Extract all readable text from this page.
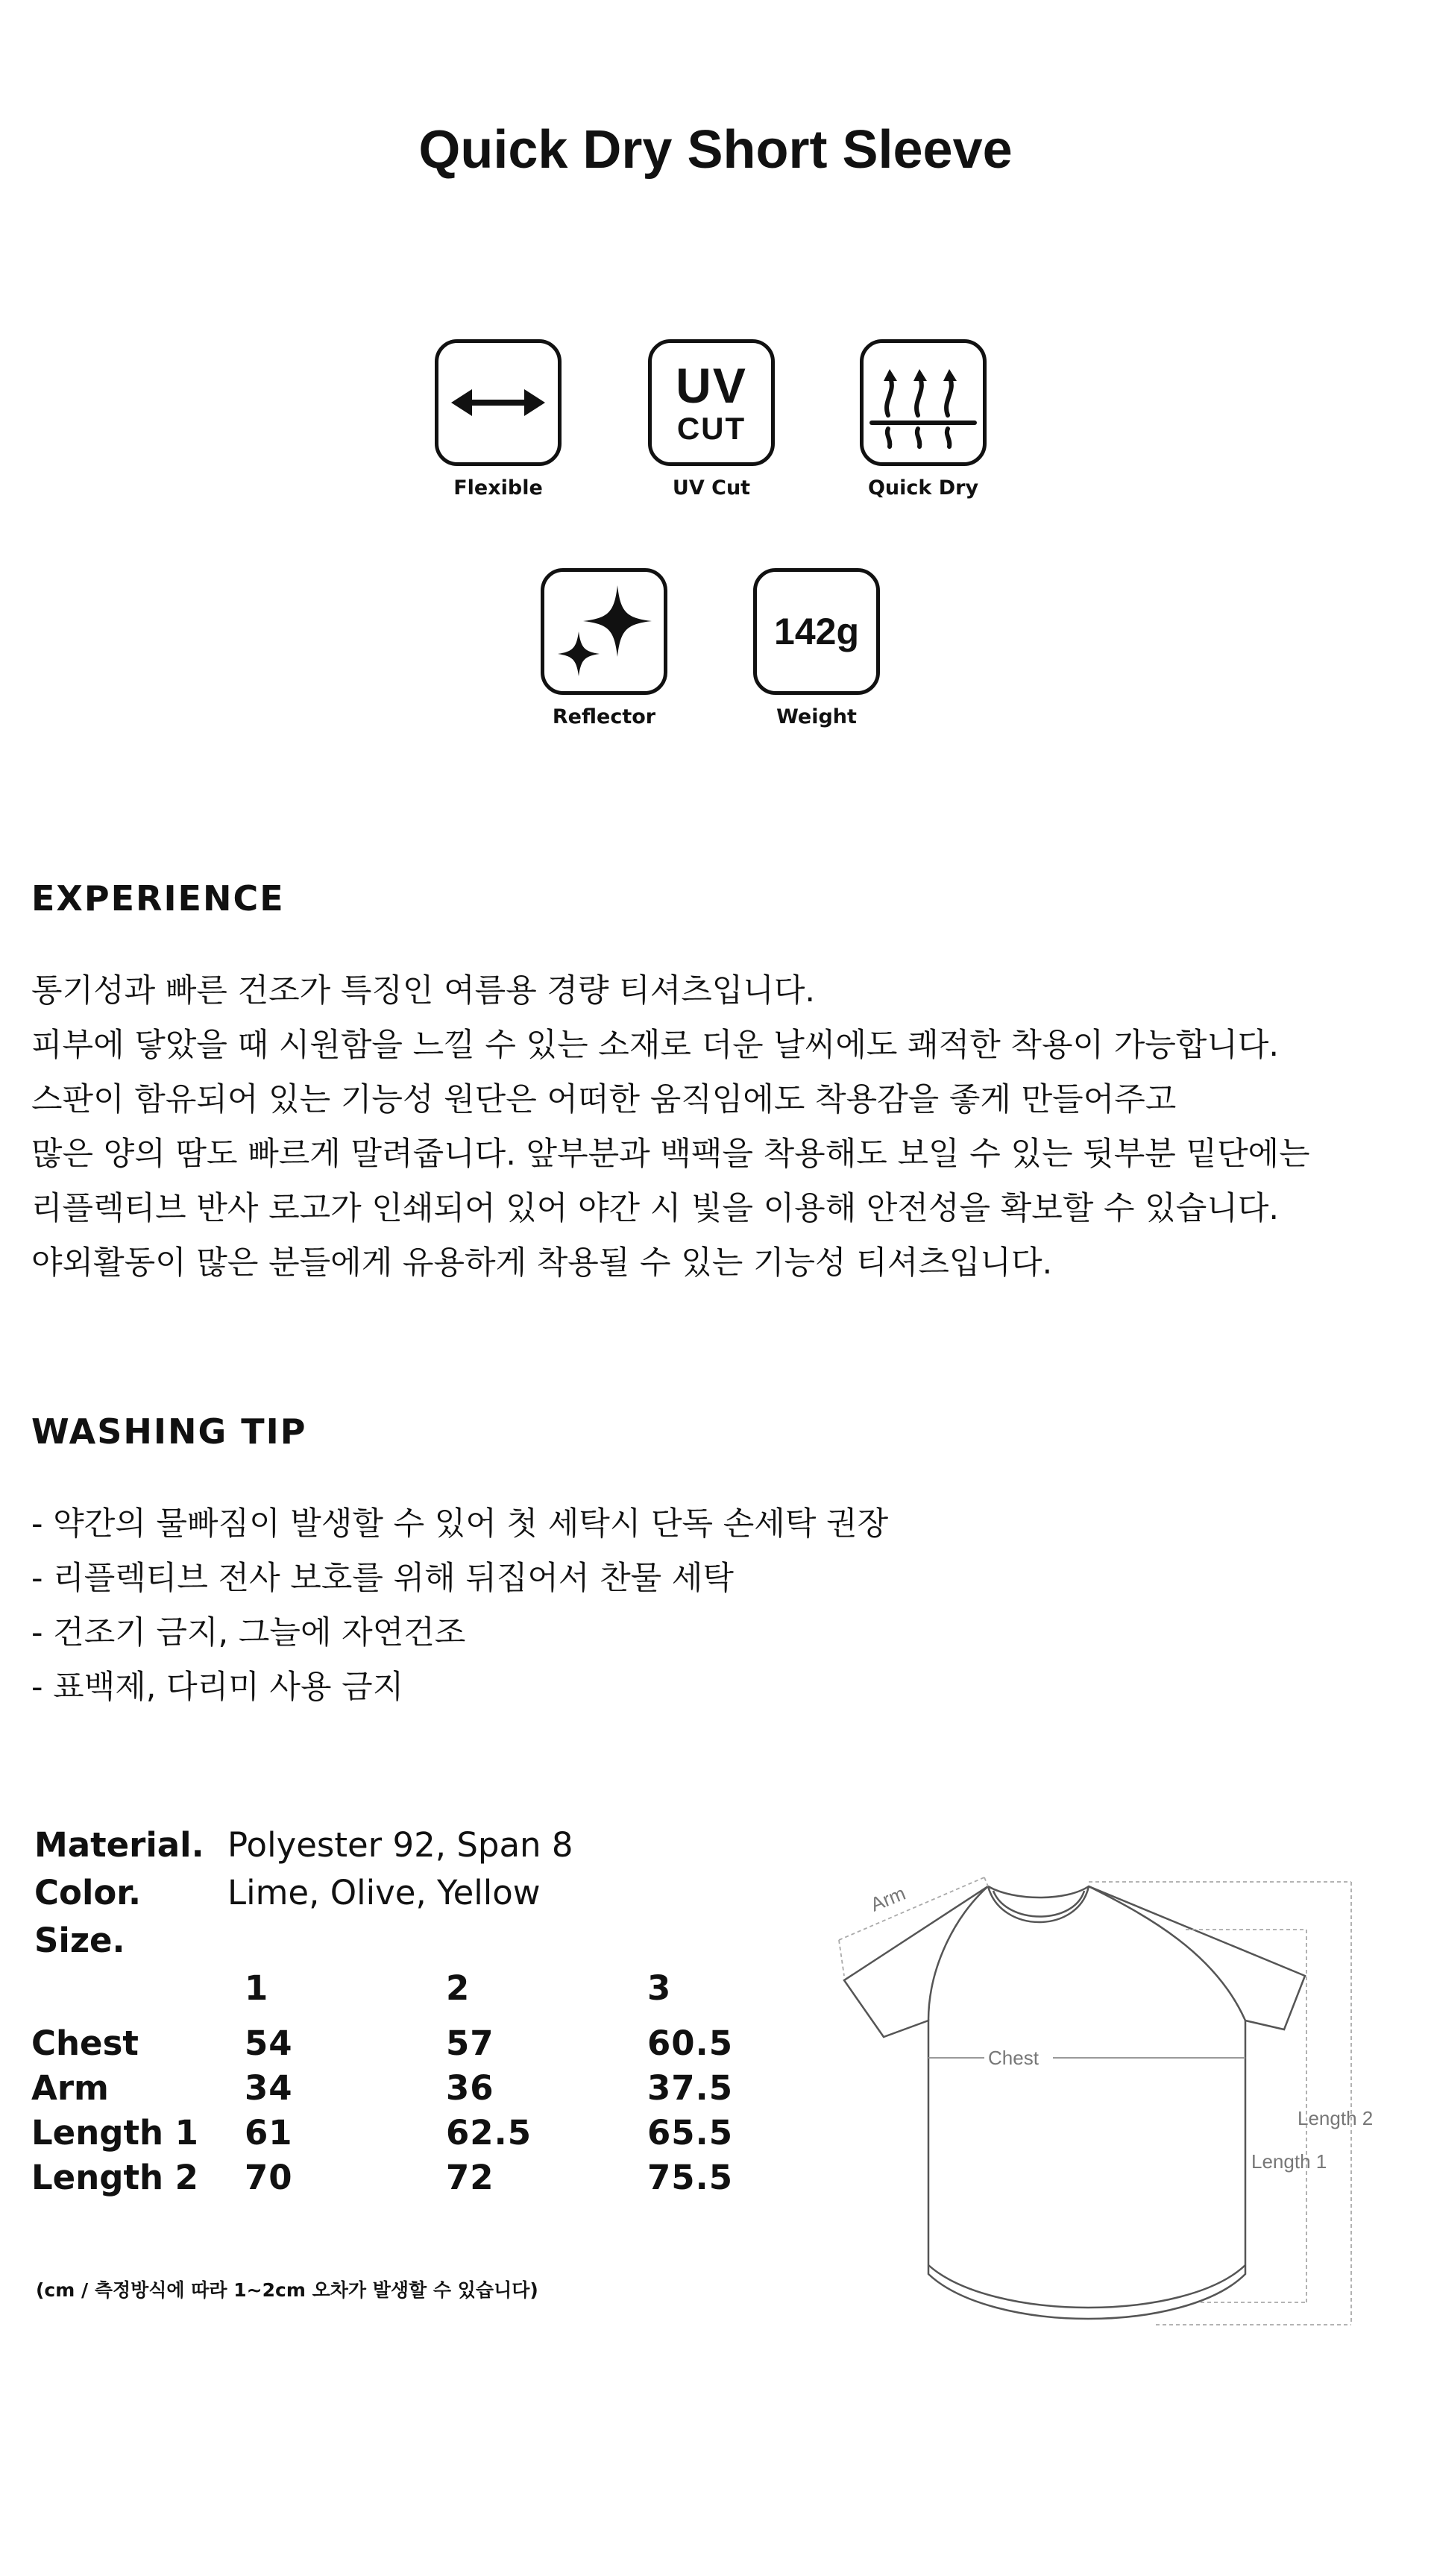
Quick Dry Short Sleeve
Flexible
UV
CUT
UV Cut	Quick Dry
Reflector
142g
Weight
EXPERIENCE
통기성과 빠른 건조가 특징인 여름용 경량 티셔츠입니다.
피부에 닿았을 때 시원함을 느낄 수 있는 소재로 더운 날씨에도 쾌적한 착용이 가능합니다.
스판이 함유되어 있는 기능성 원단은 어떠한 움직임에도 착용감을 좋게 만들어주고
많은 양의 땀도 빠르게 말려줍니다. 앞부분과 백팩을 착용해도 보일 수 있는 뒷부분 밑단에는
리플렉티브 반사 로고가 인쇄되어 있어 야간 시 빛을 이용해 안전성을 확보할 수 있습니다.
야외활동이 많은 분들에게 유용하게 착용될 수 있는 기능성 티셔츠입니다.
WASHING TIP
- 약간의 물빠짐이 발생할 수 있어 첫 세탁시 단독 손세탁 권장
- 리플렉티브 전사 보호를 위해 뒤집어서 찬물 세탁
- 건조기 금지, 그늘에 자연건조
- 표백제, 다리미 사용 금지
Material. Polyester 92, Span 8
Color.	Lime, Olive, Yellow
Size.
	1	2	3
Chest	54	57	60.5
Arm	34	36	37.5
Length 1	61	62.5	65.5
Length 2	70	72	75.5
(cm / 측정방식에 따라 1~2cm 오차가 발생할 수 있습니다)
Arm
Chest
Length 2
Length 1
